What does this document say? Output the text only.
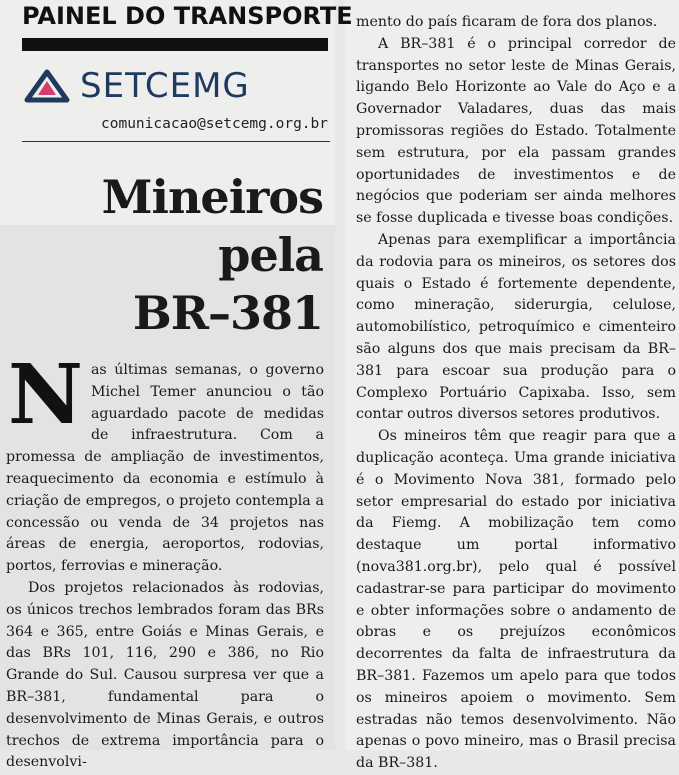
PAINEL DO TRANSPORTE
SETCEMG
comunicacao@setcemg.org.br
Mineiros
pela
BR–381

Nas últimas semanas, o governo Michel Temer anunciou o tão aguardado pacote de medidas de infraestrutura. Com a promessa de ampliação de investimentos, reaquecimento da economia e estímulo à criação de empregos, o projeto contempla a concessão ou venda de 34 projetos nas áreas de energia, aeroportos, rodovias, portos, ferrovias e mineração.

Dos projetos relacionados às rodovias, os únicos trechos lembrados foram das BRs 364 e 365, entre Goiás e Minas Gerais, e das BRs 101, 116, 290 e 386, no Rio Grande do Sul. Causou surpresa ver que a BR–381, fundamental para o desenvolvimento de Minas Gerais, e outros trechos de extrema importância para o desenvolvi-

mento do país ficaram de fora dos planos.

A BR–381 é o principal corredor de transportes no setor leste de Minas Gerais, ligando Belo Horizonte ao Vale do Aço e a Governador Valadares, duas das mais promissoras regiões do Estado. Totalmente sem estrutura, por ela passam grandes oportunidades de investimentos e de negócios que poderiam ser ainda melhores se fosse duplicada e tivesse boas condições.

Apenas para exemplificar a importância da rodovia para os mineiros, os setores dos quais o Estado é fortemente dependente, como mineração, siderurgia, celulose, automobilístico, petroquímico e cimenteiro são alguns dos que mais precisam da BR–381 para escoar sua produção para o Complexo Portuário Capixaba. Isso, sem contar outros diversos setores produtivos.

Os mineiros têm que reagir para que a duplicação aconteça. Uma grande iniciativa é o Movimento Nova 381, formado pelo setor empresarial do estado por iniciativa da Fiemg. A mobilização tem como destaque um portal informativo (nova381.org.br), pelo qual é possível cadastrar-se para participar do movimento e obter informações sobre o andamento de obras e os prejuízos econômicos decorrentes da falta de infraestrutura da BR–381. Fazemos um apelo para que todos os mineiros apoiem o movimento. Sem estradas não temos desenvolvimento. Não apenas o povo mineiro, mas o Brasil precisa da BR–381.
